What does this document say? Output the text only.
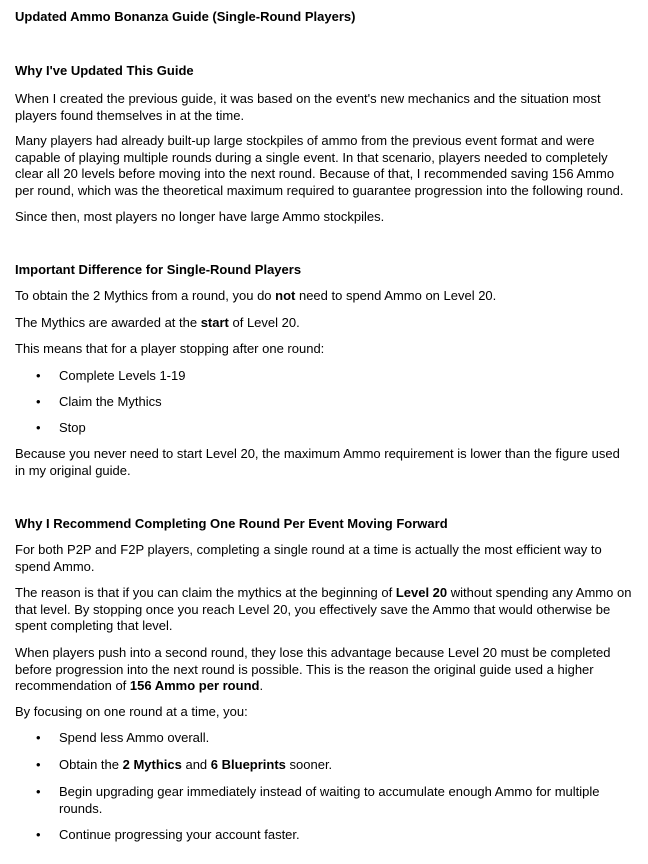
Updated Ammo Bonanza Guide (Single-Round Players)
Why I've Updated This Guide

When I created the previous guide, it was based on the event's new mechanics and the situation most
players found themselves in at the time.

Many players had already built-up large stockpiles of ammo from the previous event format and were
capable of playing multiple rounds during a single event. In that scenario, players needed to completely
clear all 20 levels before moving into the next round. Because of that, I recommended saving 156 Ammo
per round, which was the theoretical maximum required to guarantee progression into the following round.

Since then, most players no longer have large Ammo stockpiles.

Important Difference for Single-Round Players

To obtain the 2 Mythics from a round, you do not need to spend Ammo on Level 20.

The Mythics are awarded at the start of Level 20.

This means that for a player stopping after one round:

• Complete Levels 1-19
• Claim the Mythics
• Stop

Because you never need to start Level 20, the maximum Ammo requirement is lower than the figure used
in my original guide.

Why I Recommend Completing One Round Per Event Moving Forward

For both P2P and F2P players, completing a single round at a time is actually the most efficient way to
spend Ammo.

The reason is that if you can claim the mythics at the beginning of Level 20 without spending any Ammo on
that level. By stopping once you reach Level 20, you effectively save the Ammo that would otherwise be
spent completing that level.

When players push into a second round, they lose this advantage because Level 20 must be completed
before progression into the next round is possible. This is the reason the original guide used a higher
recommendation of 156 Ammo per round.

By focusing on one round at a time, you:

• Spend less Ammo overall.
• Obtain the 2 Mythics and 6 Blueprints sooner.
• Begin upgrading gear immediately instead of waiting to accumulate enough Ammo for multiple
rounds.
• Continue progressing your account faster.
